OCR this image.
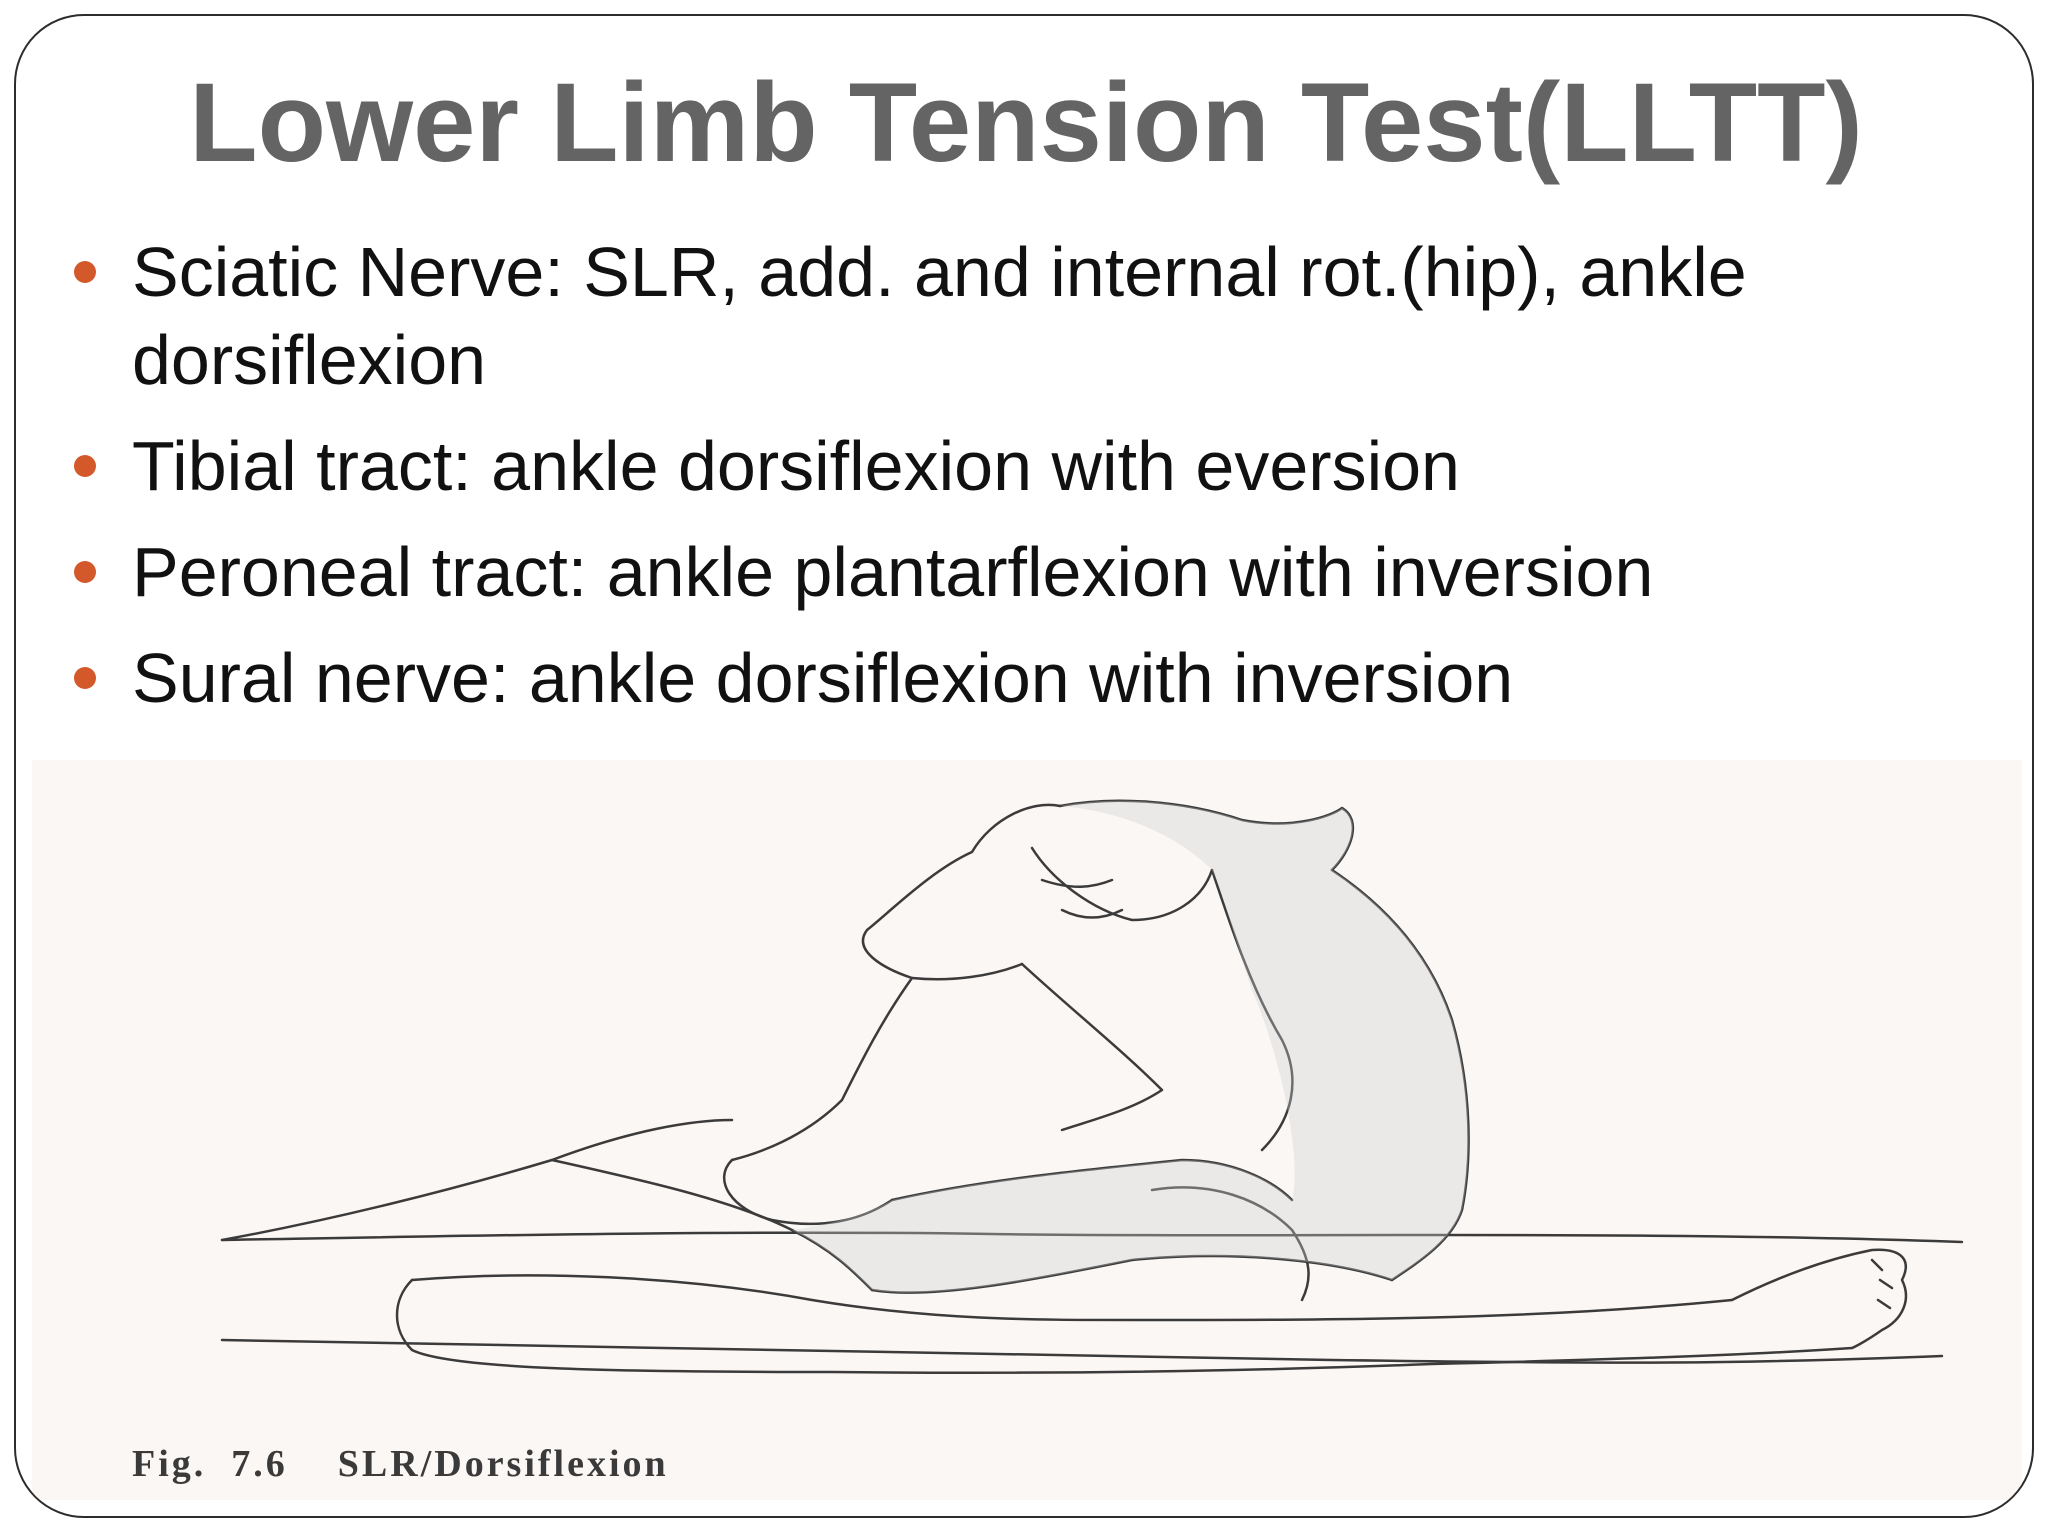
Lower Limb Tension Test(LLTT)
Sciatic Nerve: SLR, add. and internal rot.(hip), ankle dorsiflexion
Tibial tract: ankle dorsiflexion with eversion
Peroneal tract: ankle plantarflexion with inversion
Sural nerve: ankle dorsiflexion with inversion
Fig.  7.6    SLR/Dorsiflexion
